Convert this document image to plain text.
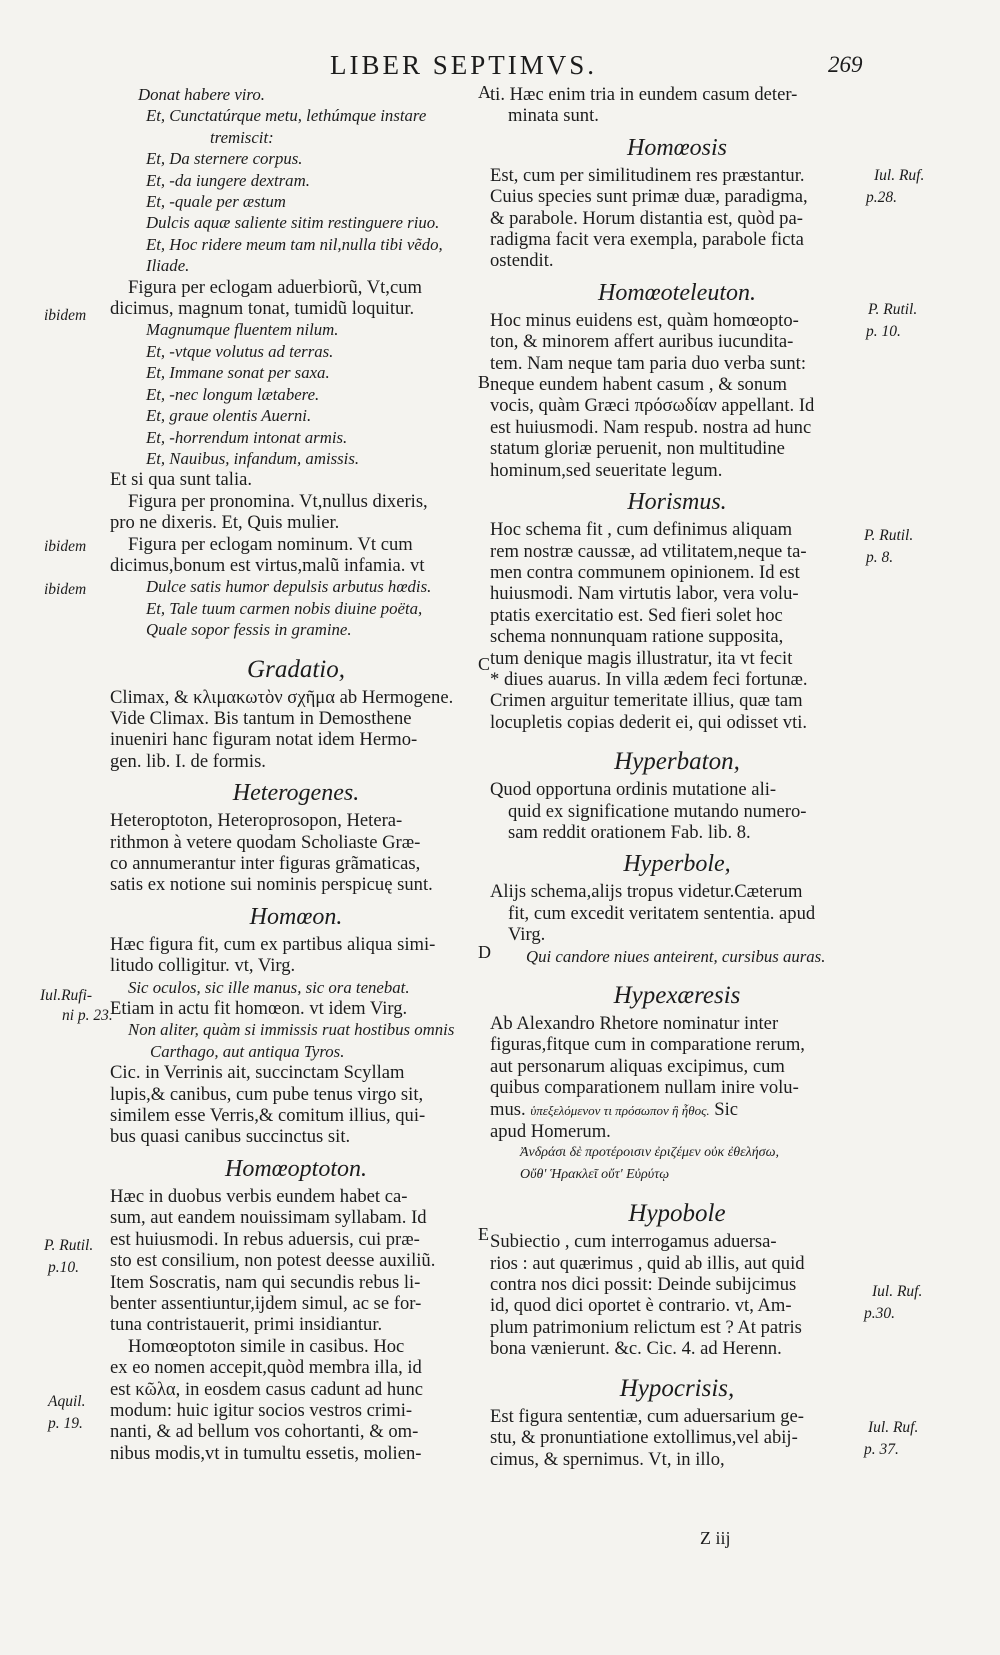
LIBER SEPTIMVS.	269
A
B
C
D
E
ibidem
ibidem
ibidem
Iul.Rufi-
ni p. 23.
P. Rutil.
p.10.
Aquil.
p. 19.
Iul. Ruf.
p.28.
P. Rutil.
p. 10.
P. Rutil.
p. 8.
Iul. Ruf.
p.30.
Iul. Ruf.
p. 37.
Donat habere viro.
Et, Cunctatúrque metu, lethúmque instare
tremiscit:
Et, Da sternere corpus.
Et, -da iungere dextram.
Et, -quale per æstum
Dulcis aquæ saliente sitim restinguere riuo.
Et, Hoc ridere meum tam nil,nulla tibi vẽdo,
Iliade.
Figura per eclogam aduerbiorũ, Vt,cum
dicimus, magnum tonat, tumidũ loquitur.
Magnumque fluentem nilum.
Et, -vtque volutus ad terras.
Et, Immane sonat per saxa.
Et, -nec longum lætabere.
Et, graue olentis Auerni.
Et, -horrendum intonat armis.
Et, Nauibus, infandum, amissis.
Et si qua sunt talia.
Figura per pronomina. Vt,nullus dixeris,
pro ne dixeris. Et, Quis mulier.
Figura per eclogam nominum. Vt cum
dicimus,bonum est virtus,malũ infamia. vt
Dulce satis humor depulsis arbutus hœdis.
Et, Tale tuum carmen nobis diuine poëta,
Quale sopor fessis in gramine.
Gradatio,
Climax, & κλιμακωτὸν σχῆμα ab Hermogene.
Vide Climax. Bis tantum in Demosthene
inueniri hanc figuram notat idem Hermo-
gen. lib. I. de formis.
Heterogenes.
Heteroptoton, Heteroprosopon, Hetera-
rithmon à vetere quodam Scholiaste Græ-
co annumerantur inter figuras grãmaticas,
satis ex notione sui nominis perspicuę sunt.
Homœon.
Hæc figura fit, cum ex partibus aliqua simi-
litudo colligitur. vt, Virg.
Sic oculos, sic ille manus, sic ora tenebat.
Etiam in actu fit homœon. vt idem Virg.
Non aliter, quàm si immissis ruat hostibus omnis
Carthago, aut antiqua Tyros.
Cic. in Verrinis ait, succinctam Scyllam
lupis,& canibus, cum pube tenus virgo sit,
similem esse Verris,& comitum illius, qui-
bus quasi canibus succinctus sit.
Homœoptoton.
Hæc in duobus verbis eundem habet ca-
sum, aut eandem nouissimam syllabam. Id
est huiusmodi. In rebus aduersis, cui præ-
sto est consilium, non potest deesse auxiliũ.
Item Soscratis, nam qui secundis rebus li-
benter assentiuntur,ijdem simul, ac se for-
tuna contristauerit, primi insidiantur.
Homœoptoton simile in casibus. Hoc
ex eo nomen accepit,quòd membra illa, id
est κῶλα, in eosdem casus cadunt ad hunc
modum: huic igitur socios vestros crimi-
nanti, & ad bellum vos cohortanti, & om-
nibus modis,vt in tumultu essetis, molien-
ti. Hæc enim tria in eundem casum deter-
minata sunt.
Homœosis
Est, cum per similitudinem res præstantur.
Cuius species sunt primæ duæ, paradigma,
& parabole. Horum distantia est, quòd pa-
radigma facit vera exempla, parabole ficta
ostendit.
Homœoteleuton.
Hoc minus euidens est, quàm homœopto-
ton, & minorem affert auribus iucundita-
tem. Nam neque tam paria duo verba sunt:
neque eundem habent casum , & sonum
vocis, quàm Græci πρόσωδίαν appellant. Id
est huiusmodi. Nam respub. nostra ad hunc
statum gloriæ peruenit, non multitudine
hominum,sed seueritate legum.
Horismus.
Hoc schema fit , cum definimus aliquam
rem nostræ caussæ, ad vtilitatem,neque ta-
men contra communem opinionem. Id est
huiusmodi. Nam virtutis labor, vera volu-
ptatis exercitatio est. Sed fieri solet hoc
schema nonnunquam ratione supposita,
tum denique magis illustratur, ita vt fecit
* diues auarus. In villa ædem feci fortunæ.
Crimen arguitur temeritate illius, quæ tam
locupletis copias dederit ei, qui odisset vti.
Hyperbaton,
Quod opportuna ordinis mutatione ali-
quid ex significatione mutando numero-
sam reddit orationem Fab. lib. 8.
Hyperbole,
Alijs schema,alijs tropus videtur.Cæterum
fit, cum excedit veritatem sententia. apud
Virg.
Qui candore niues anteirent, cursibus auras.
Hypexæresis
Ab Alexandro Rhetore nominatur inter
figuras,fitque cum in comparatione rerum,
aut personarum aliquas excipimus, cum
quibus comparationem nullam inire volu-
mus. ὑπεξελόμενον τι πρόσωπον ἢ ἦθος. Sic
apud Homerum.
Ἀνδράσι δὲ προτέροισιν ἐριζέμεν οὐκ ἐθελήσω,
Οὔθ' Ἡρακλεῖ οὔτ' Εὐρύτῳ
Hypobole
Subiectio , cum interrogamus aduersa-
rios : aut quærimus , quid ab illis, aut quid
contra nos dici possit: Deinde subijcimus
id, quod dici oportet è contrario. vt, Am-
plum patrimonium relictum est ? At patris
bona vænierunt. &c. Cic. 4. ad Herenn.
Hypocrisis,
Est figura sententiæ, cum aduersarium ge-
stu, & pronuntiatione extollimus,vel abij-
cimus, & spernimus. Vt, in illo,
Z iij
